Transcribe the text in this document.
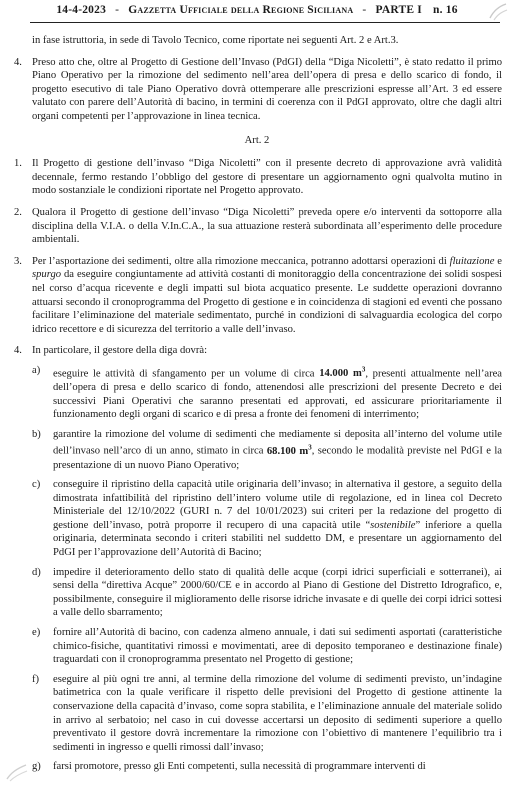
14-4-2023 - Gazzetta Ufficiale della Regione Siciliana - PARTE I n. 16
in fase istruttoria, in sede di Tavolo Tecnico, come riportate nei seguenti Art. 2 e Art.3.
4. Preso atto che, oltre al Progetto di Gestione dell’Invaso (PdGI) della “Diga Nicoletti”, è stato redatto il primo Piano Operativo per la rimozione del sedimento nell’area dell’opera di presa e dello scarico di fondo, il progetto esecutivo di tale Piano Operativo dovrà ottemperare alle prescrizioni espresse all’Art. 3 ed essere valutato con parere dell’Autorità di bacino, in termini di coerenza con il PdGI approvato, oltre che dagli altri organi competenti per l’approvazione in linea tecnica.
Art. 2
1. Il Progetto di gestione dell’invaso “Diga Nicoletti” con il presente decreto di approvazione avrà validità decennale, fermo restando l’obbligo del gestore di presentare un aggiornamento ogni qualvolta mutino in modo sostanziale le condizioni riportate nel Progetto approvato.
2. Qualora il Progetto di gestione dell’invaso “Diga Nicoletti” preveda opere e/o interventi da sottoporre alla disciplina della V.I.A. o della V.In.C.A., la sua attuazione resterà subordinata all’esperimento delle procedure ambientali.
3. Per l’asportazione dei sedimenti, oltre alla rimozione meccanica, potranno adottarsi operazioni di fluitazione e spurgo da eseguire congiuntamente ad attività costanti di monitoraggio della concentrazione dei solidi sospesi nel corso d’acqua ricevente e degli impatti sul biota acquatico presente. Le suddette operazioni dovranno attuarsi secondo il cronoprogramma del Progetto di gestione e in coincidenza di stagioni ed eventi che possano facilitare l’eliminazione del materiale sedimentato, purché in condizioni di salvaguardia ecologica del corpo idrico recettore e di sicurezza del territorio a valle dell’invaso.
4. In particolare, il gestore della diga dovrà:
a) eseguire le attività di sfangamento per un volume di circa 14.000 $m^3$, presenti attualmente nell’area dell’opera di presa e dello scarico di fondo, attenendosi alle prescrizioni del presente Decreto e dei successivi Piani Operativi che saranno presentati ed approvati, ed assicurare prioritariamente il funzionamento degli organi di scarico e di presa a fronte dei fenomeni di interrimento;
b) garantire la rimozione del volume di sedimenti che mediamente si deposita all’interno del volume utile dell’invaso nell’arco di un anno, stimato in circa 68.100 $m^3$, secondo le modalità previste nel PdGI e la presentazione di un nuovo Piano Operativo;
c) conseguire il ripristino della capacità utile originaria dell’invaso; in alternativa il gestore, a seguito della dimostrata infattibilità del ripristino dell’intero volume utile di regolazione, ed in linea col Decreto Ministeriale del 12/10/2022 (GURI n. 7 del 10/01/2023) sui criteri per la redazione del progetto di gestione dell’invaso, potrà proporre il recupero di una capacità utile “sostenibile” inferiore a quella originaria, determinata secondo i criteri stabiliti nel suddetto DM, e presentare un aggiornamento del PdGI per l’approvazione dell’Autorità di Bacino;
d) impedire il deterioramento dello stato di qualità delle acque (corpi idrici superficiali e sotterranei), ai sensi della “direttiva Acque” 2000/60/CE e in accordo al Piano di Gestione del Distretto Idrografico, e, possibilmente, conseguire il miglioramento delle risorse idriche invasate e di quelle dei corpi idrici sottesi a valle dello sbarramento;
e) fornire all’Autorità di bacino, con cadenza almeno annuale, i dati sui sedimenti asportati (caratteristiche chimico-fisiche, quantitativi rimossi e movimentati, aree di deposito temporaneo e destinazione finale) traguardati con il cronoprogramma presentato nel Progetto di gestione;
f) eseguire al più ogni tre anni, al termine della rimozione del volume di sedimenti previsto, un’indagine batimetrica con la quale verificare il rispetto delle previsioni del Progetto di gestione attinente la conservazione della capacità d’invaso, come sopra stabilita, e l’eliminazione annuale del materiale solido in arrivo al serbatoio; nel caso in cui dovesse accertarsi un deposito di sedimenti superiore a quello preventivato il gestore dovrà incrementare la rimozione con l’obiettivo di mantenere l’equilibrio tra i sedimenti in ingresso e quelli rimossi dall’invaso;
g) farsi promotore, presso gli Enti competenti, sulla necessità di programmare interventi di
